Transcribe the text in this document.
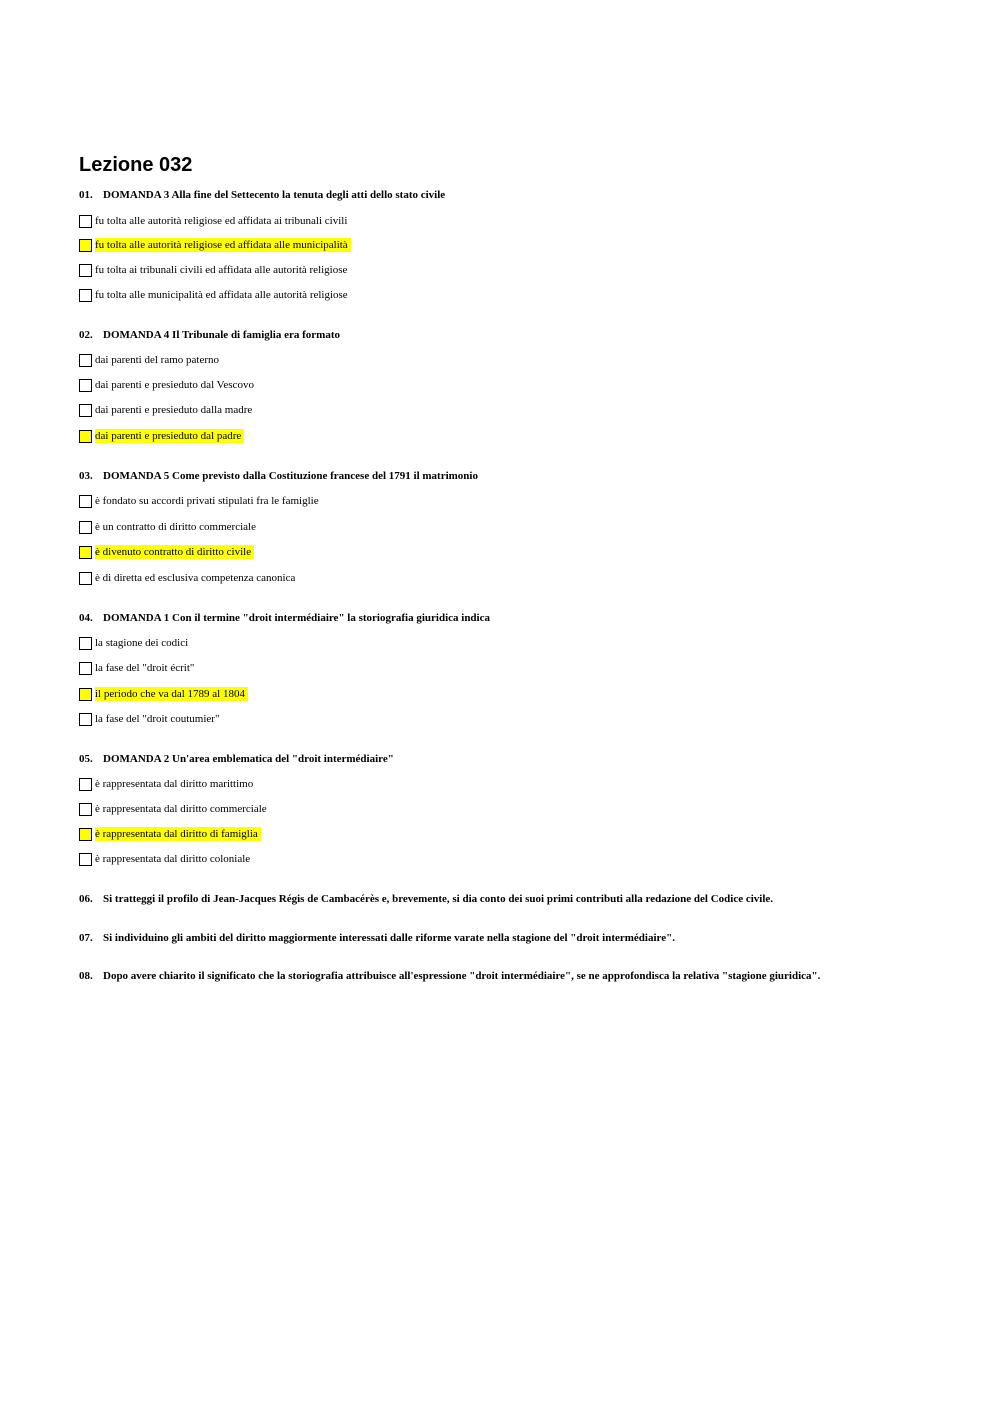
Lezione 032
01. DOMANDA 3 Alla fine del Settecento la tenuta degli atti dello stato civile
fu tolta alle autorità religiose ed affidata ai tribunali civili
fu tolta alle autorità religiose ed affidata alle municipalità
fu tolta ai tribunali civili ed affidata alle autorità religiose
fu tolta alle municipalità ed affidata alle autorità religiose
02. DOMANDA 4 Il Tribunale di famiglia era formato
dai parenti del ramo paterno
dai parenti e presieduto dal Vescovo
dai parenti e presieduto dalla madre
dai parenti e presieduto dal padre
03. DOMANDA 5 Come previsto dalla Costituzione francese del 1791 il matrimonio
è fondato su accordi privati stipulati fra le famiglie
è un contratto di diritto commerciale
è divenuto contratto di diritto civile
è di diretta ed esclusiva competenza canonica
04. DOMANDA 1 Con il termine "droit intermédiaire" la storiografia giuridica indica
la stagione dei codici
la fase del "droit écrit"
il periodo che va dal 1789 al 1804
la fase del "droit coutumier"
05. DOMANDA 2 Un'area emblematica del "droit intermédiaire"
è rappresentata dal diritto marittimo
è rappresentata dal diritto commerciale
è rappresentata dal diritto di famiglia
è rappresentata dal diritto coloniale
06. Si tratteggi il profilo di Jean-Jacques Régis de Cambacérès e, brevemente, si dia conto dei suoi primi contributi alla redazione del Codice civile.
07. Si individuino gli ambiti del diritto maggiormente interessati dalle riforme varate nella stagione del "droit intermédiaire".
08. Dopo avere chiarito il significato che la storiografia attribuisce all'espressione "droit intermédiaire", se ne approfondisca la relativa "stagione giuridica".
